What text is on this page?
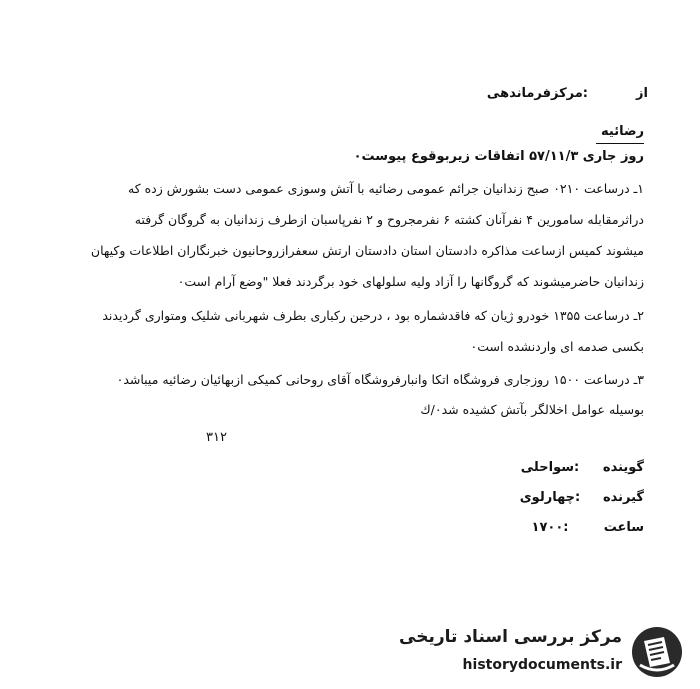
از
:مرکزفرماندهی
رضائیه
روز جاری ۵۷/۱۱/۳ اتفاقات زیربوقوع پیوست۰
۱ـ درساعت ۰۲۱۰ صبح زندانیان جرائم عمومی رضائیه با آتش وسوزی عمومی دست بشورش زده که
دراثرمقابله سامورین ۴ نفرآنان کشته ۶ نفرمجروح و ۲ نفرپاسبان ازطرف زندانیان به گروگان گرفته
میشوند کمیس ازساعت مذاکره دادستان استان دادستان ارتش سعفرازروحانیون خبرنگاران اطلاعات وکیهان
زندانیان حاضرمیشوند که گروگانها را آزاد ولیه سلولهای خود برگردند فعلا "وضع آرام است۰
۲ـ درساعت ۱۳۵۵ خودرو ژیان که فاقدشماره بود ، درحین رکباری بطرف شهربانی شلیک ومتواری گردیدند
بکسی صدمه ای واردنشده است۰
۳ـ درساعت ۱۵۰۰ روزجاری فروشگاه اتکا وانبارفروشگاه آقای روحانی کمیکی ازبهائیان رضائیه میباشد۰
بوسیله عوامل اخلالگر بآتش کشیده شد۰/ك
۳۱۲
گوینده
:سواحلی
گیرنده
:چهارلوی
ساعت
:۱۷۰۰
مرکز بررسی اسناد تاریخی
historydocuments.ir
